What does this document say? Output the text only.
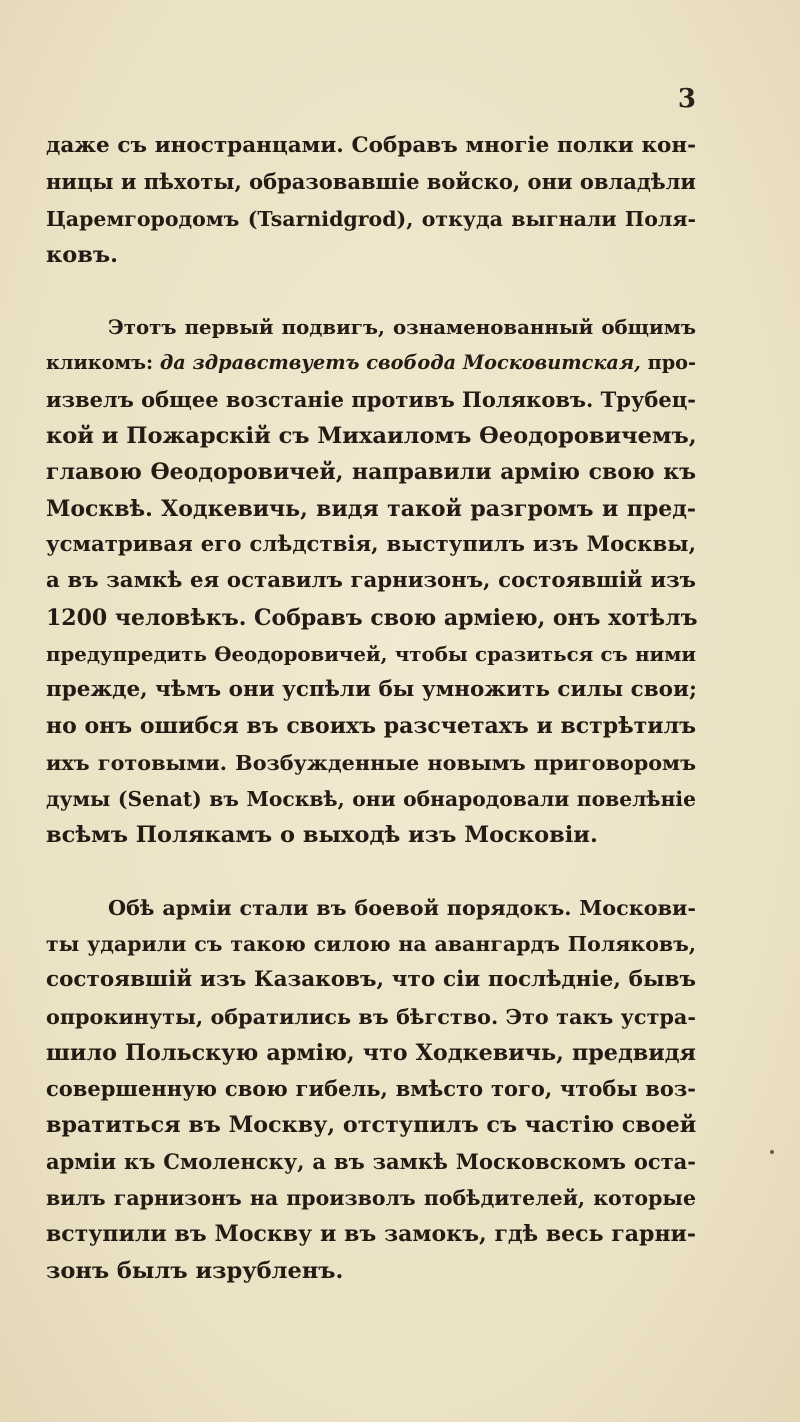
3

даже съ иностранцами. Собравъ многіе полки кон-
ницы и пѣхоты, образовавшіе войско, они овладѣли
Царемгородомъ (Tsarnidgrod), откуда выгнали Поля-
ковъ.

Этотъ первый подвигъ, ознаменованный общимъ
кликомъ: да здравствуетъ свобода Московитская, про-
извелъ общее возстаніе противъ Поляковъ. Трубец-
кой и Пожарскій съ Михаиломъ Өеодоровичемъ,
главою Өеодоровичей, направили армію свою къ
Москвѣ. Ходкевичь, видя такой разгромъ и пред-
усматривая его слѣдствія, выступилъ изъ Москвы,
а въ замкѣ ея оставилъ гарнизонъ, состоявшій изъ
1200 человѣкъ. Собравъ свою арміею, онъ хотѣлъ
предупредить Өеодоровичей, чтобы сразиться съ ними
прежде, чѣмъ они успѣли бы умножить силы свои;
но онъ ошибся въ своихъ разсчетахъ и встрѣтилъ
ихъ готовыми. Возбужденные новымъ приговоромъ
думы (Senat) въ Москвѣ, они обнародовали повелѣніе
всѣмъ Полякамъ о выходѣ изъ Московіи.

Обѣ арміи стали въ боевой порядокъ. Москови-
ты ударили съ такою силою на авангардъ Поляковъ,
состоявшій изъ Казаковъ, что сіи послѣдніе, бывъ
опрокинуты, обратились въ бѣгство. Это такъ устра-
шило Польскую армію, что Ходкевичь, предвидя
совершенную свою гибель, вмѣсто того, чтобы воз-
вратиться въ Москву, отступилъ съ частію своей
арміи къ Смоленску, а въ замкѣ Московскомъ оста-
вилъ гарнизонъ на произволъ побѣдителей, которые
вступили въ Москву и въ замокъ, гдѣ весь гарни-
зонъ былъ изрубленъ.
